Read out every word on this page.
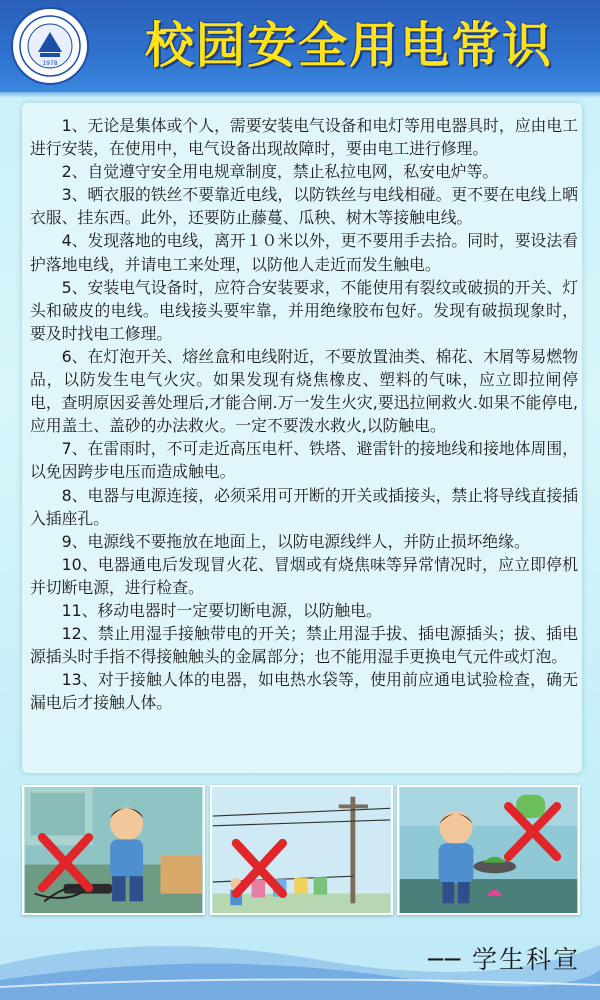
1978	校园安全用电常识

1、无论是集体或个人，需要安装电气设备和电灯等用电器具时，应由电工进行安装，在使用中，电气设备出现故障时，要由电工进行修理。

2、自觉遵守安全用电规章制度，禁止私拉电网，私安电炉等。

3、晒衣服的铁丝不要靠近电线，以防铁丝与电线相碰。更不要在电线上晒衣服、挂东西。此外，还要防止藤蔓、瓜秧、树木等接触电线。

4、发现落地的电线，离开１０米以外，更不要用手去拾。同时，要设法看护落地电线，并请电工来处理，以防他人走近而发生触电。

5、安装电气设备时，应符合安装要求，不能使用有裂纹或破损的开关、灯头和破皮的电线。电线接头要牢靠，并用绝缘胶布包好。发现有破损现象时，要及时找电工修理。

6、在灯泡开关、熔丝盒和电线附近，不要放置油类、棉花、木屑等易燃物品，以防发生电气火灾。如果发现有烧焦橡皮、塑料的气味，应立即拉闸停电，查明原因妥善处理后,才能合闸.万一发生火灾,要迅拉闸救火.如果不能停电,应用盖土、盖砂的办法救火。一定不要泼水救火,以防触电。

7、在雷雨时，不可走近高压电杆、铁塔、避雷针的接地线和接地体周围，以免因跨步电压而造成触电。

8、电器与电源连接，必须采用可开断的开关或插接头，禁止将导线直接插入插座孔。

9、电源线不要拖放在地面上，以防电源线绊人，并防止损坏绝缘。

10、电器通电后发现冒火花、冒烟或有烧焦味等异常情况时，应立即停机并切断电源，进行检查。

11、移动电器时一定要切断电源，以防触电。

12、禁止用湿手接触带电的开关；禁止用湿手拔、插电源插头；拔、插电源插头时手指不得接触触头的金属部分；也不能用湿手更换电气元件或灯泡。

13、对于接触人体的电器，如电热水袋等，使用前应通电试验检查，确无漏电后才接触人体。

── 学生科宣
